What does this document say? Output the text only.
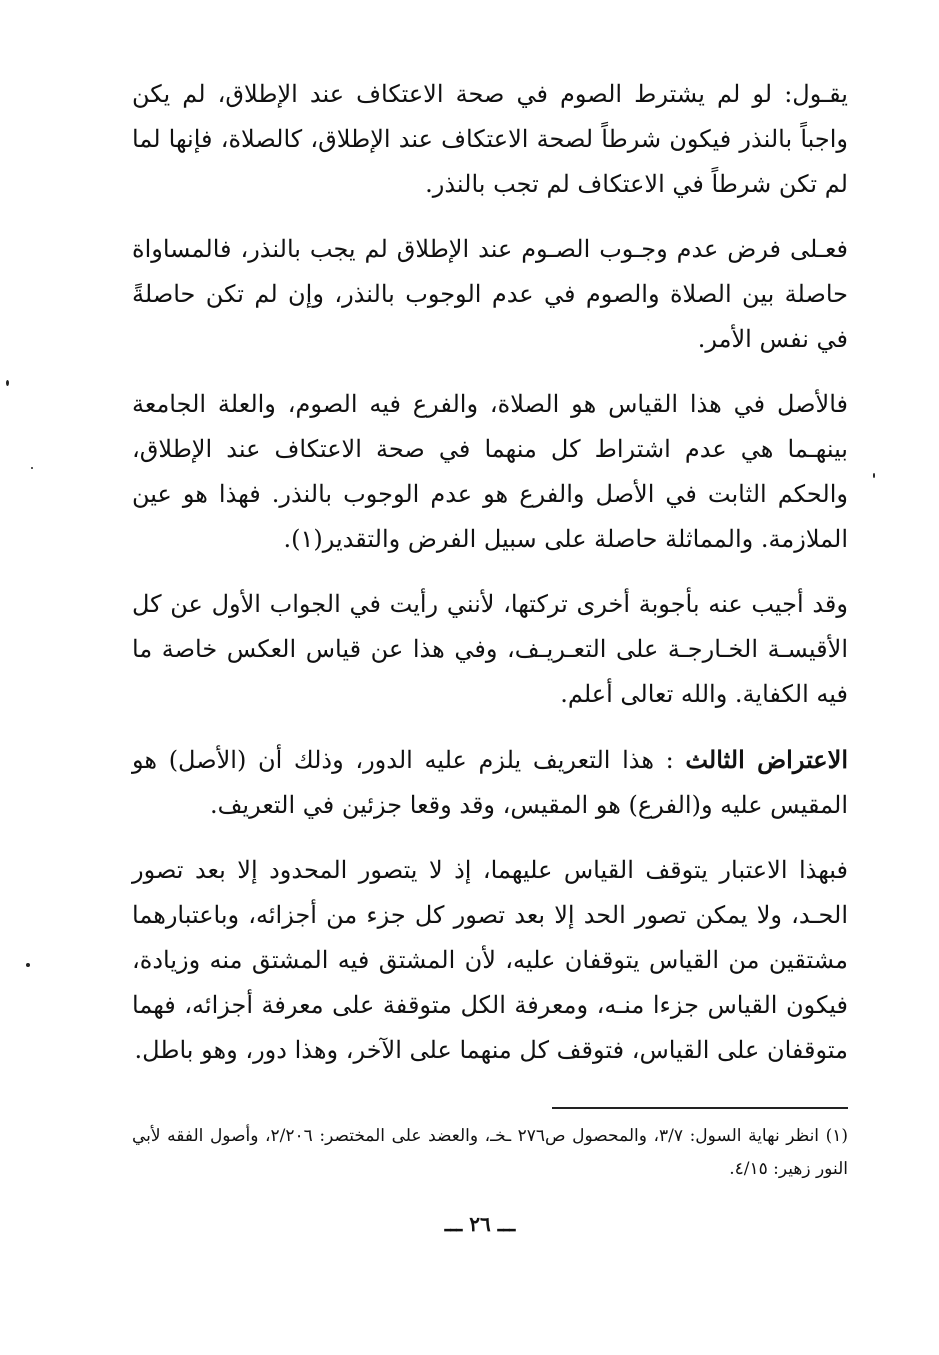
يقـول: لو لم يشترط الصوم في صحة الاعتكاف عند الإطلاق، لم يكن واجباً بالنذر فيكون شرطاً لصحة الاعتكاف عند الإطلاق، كالصلاة، فإنها لما لم تكن شرطاً في الاعتكاف لم تجب بالنذر.

فعـلى فرض عدم وجـوب الصـوم عند الإطلاق لم يجب بالنذر، فالمساواة حاصلة بين الصلاة والصوم في عدم الوجوب بالنذر، وإن لم تكن حاصلةً في نفس الأمر.

فالأصل في هذا القياس هو الصلاة، والفرع فيه الصوم، والعلة الجامعة بينهـما هي عدم اشتراط كل منهما في صحة الاعتكاف عند الإطلاق، والحكم الثابت في الأصل والفرع هو عدم الوجوب بالنذر. فهذا هو عين الملازمة. والمماثلة حاصلة على سبيل الفرض والتقدير(١).

وقد أجيب عنه بأجوبة أخرى تركتها، لأنني رأيت في الجواب الأول عن كل الأقيسـة الخـارجـة على التعـريـف، وفي هذا عن قياس العكس خاصة ما فيه الكفاية. والله تعالى أعلم.

الاعتراض الثالث : هذا التعريف يلزم عليه الدور، وذلك أن (الأصل) هو المقيس عليه و(الفرع) هو المقيس، وقد وقعا جزئين في التعريف.

فبهذا الاعتبار يتوقف القياس عليهما، إذ لا يتصور المحدود إلا بعد تصور الحـد، ولا يمكن تصور الحد إلا بعد تصور كل جزء من أجزائه، وباعتبارهما مشتقين من القياس يتوقفان عليه، لأن المشتق فيه المشتق منه وزيادة، فيكون القياس جزءا منـه، ومعرفة الكل متوقفة على معرفة أجزائه، فهما متوقفان على القياس، فتوقف كل منهما على الآخر، وهذا دور، وهو باطل.

(١) انظر نهاية السول: ٣/٧، والمحصول ص٢٧٦ ـخـ، والعضد على المختصر: ٢/٢٠٦، وأصول الفقه لأبي النور زهير: ٤/١٥.
ـــ ٢٦ ـــ
